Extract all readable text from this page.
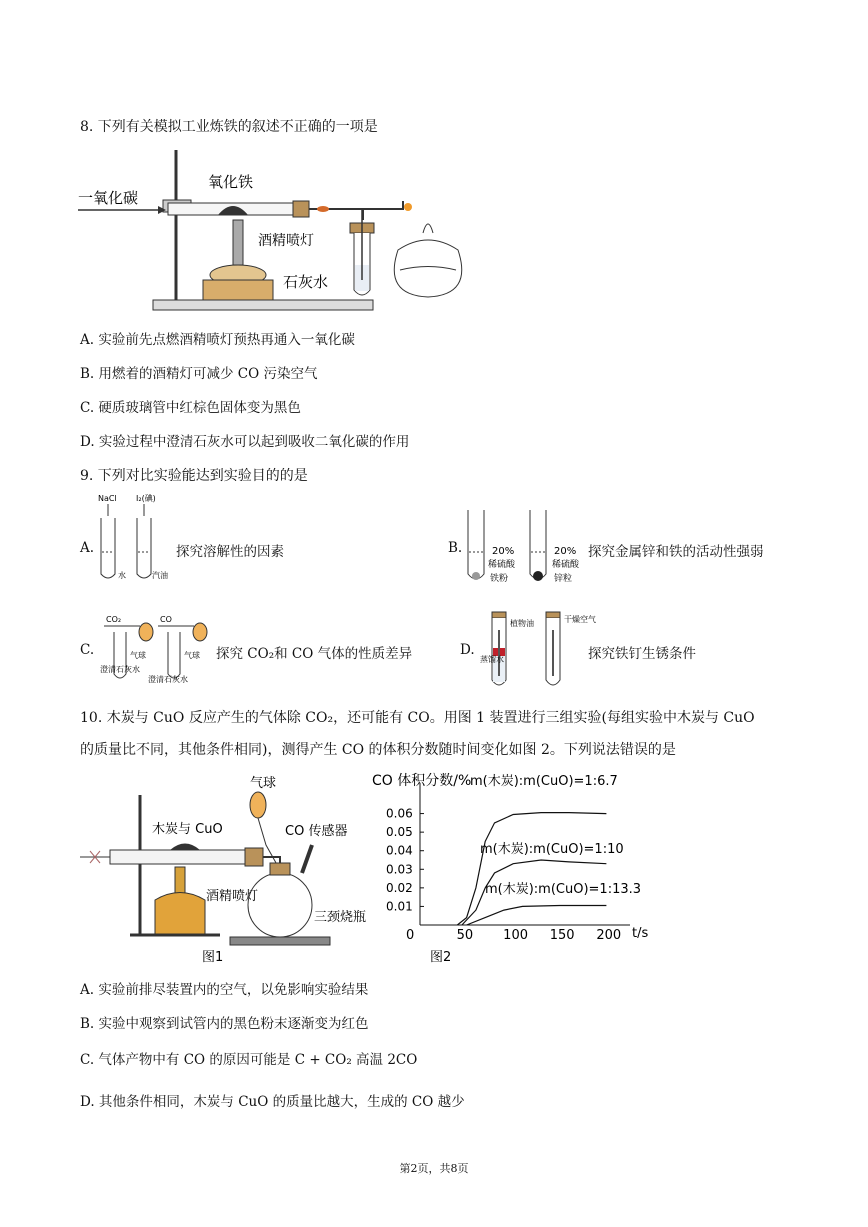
8. 下列有关模拟工业炼铁的叙述不正确的一项是
一氧化碳
氧化铁
酒精喷灯
石灰水
A. 实验前先点燃酒精喷灯预热再通入一氧化碳
B. 用燃着的酒精灯可减少 CO 污染空气
C. 硬质玻璃管中红棕色固体变为黑色
D. 实验过程中澄清石灰水可以起到吸收二氧化碳的作用
9. 下列对比实验能达到实验目的的是
A.
NaCl I₂(碘)
水	汽油
探究溶解性的因素	B.	20%
稀硫酸
铁粉
20%
稀硫酸
锌粒
探究金属锌和铁的活动性强弱
C.
CO₂	CO
气球	气球
澄清石灰水
澄清石灰水
探究 CO₂和 CO 气体的性质差异	D.
植物油
蒸馏水
干燥空气
探究铁钉生锈条件
10. 木炭与 CuO 反应产生的气体除 CO₂，还可能有 CO。用图 1 装置进行三组实验(每组实验中木炭与 CuO
的质量比不同，其他条件相同)，测得产生 CO 的体积分数随时间变化如图 2。下列说法错误的是
木炭与 CuO
气球
CO 传感器
酒精喷灯
三颈烧瓶
图1
CO 体积分数/%
t/s
图2
0	50 100 150 200
0.01
0.02
0.03
0.04
0.05
0.06
m(木炭):m(CuO)=1:6.7
m(木炭):m(CuO)=1:10
m(木炭):m(CuO)=1:13.3
A. 实验前排尽装置内的空气，以免影响实验结果
B. 实验中观察到试管内的黑色粉末逐渐变为红色
C. 气体产物中有 CO 的原因可能是 C + CO₂ 高温 2CO
D. 其他条件相同，木炭与 CuO 的质量比越大，生成的 CO 越少
第2页，共8页
